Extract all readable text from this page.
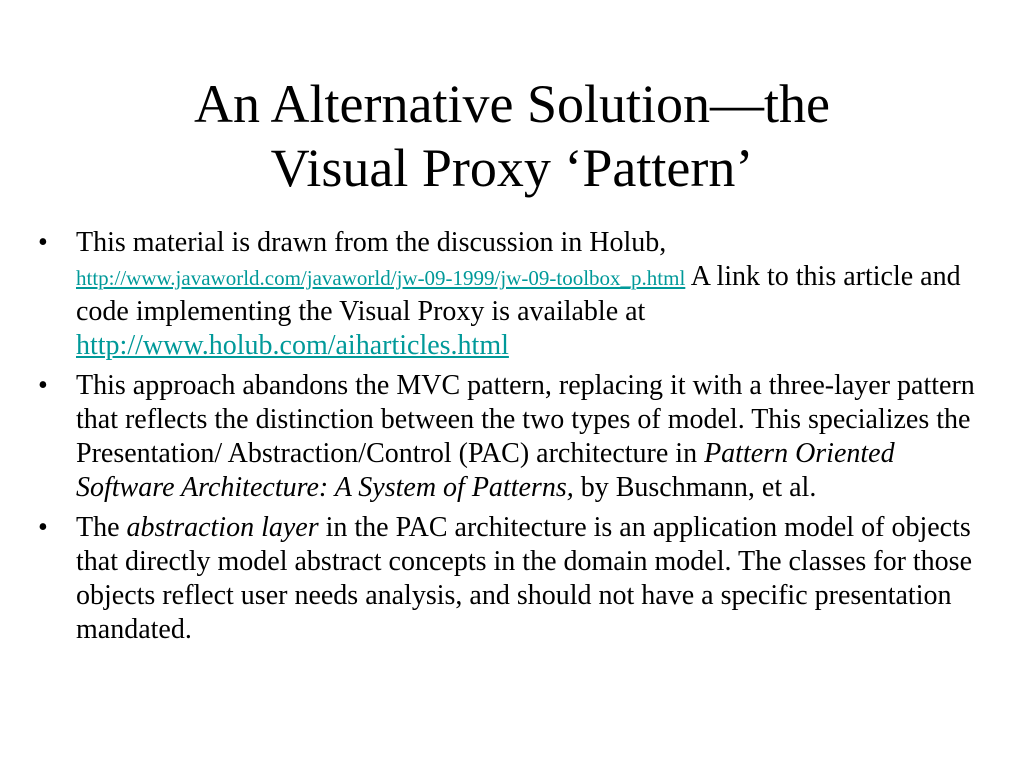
An Alternative Solution—the
Visual Proxy ‘Pattern’
•	This material is drawn from the discussion in Holub,
http://www.javaworld.com/javaworld/jw-09-1999/jw-09-toolbox_p.html A link to this article and code implementing the Visual Proxy is available at http://www.holub.com/aiharticles.html
•	This approach abandons the MVC pattern, replacing it with a three-layer pattern that reflects the distinction between the two types of model. This specializes the Presentation/ Abstraction/Control (PAC) architecture in Pattern Oriented Software Architecture: A System of Patterns, by Buschmann, et al.
•	The abstraction layer in the PAC architecture is an application model of objects that directly model abstract concepts in the domain model. The classes for those objects reflect user needs analysis, and should not have a specific presentation mandated.
